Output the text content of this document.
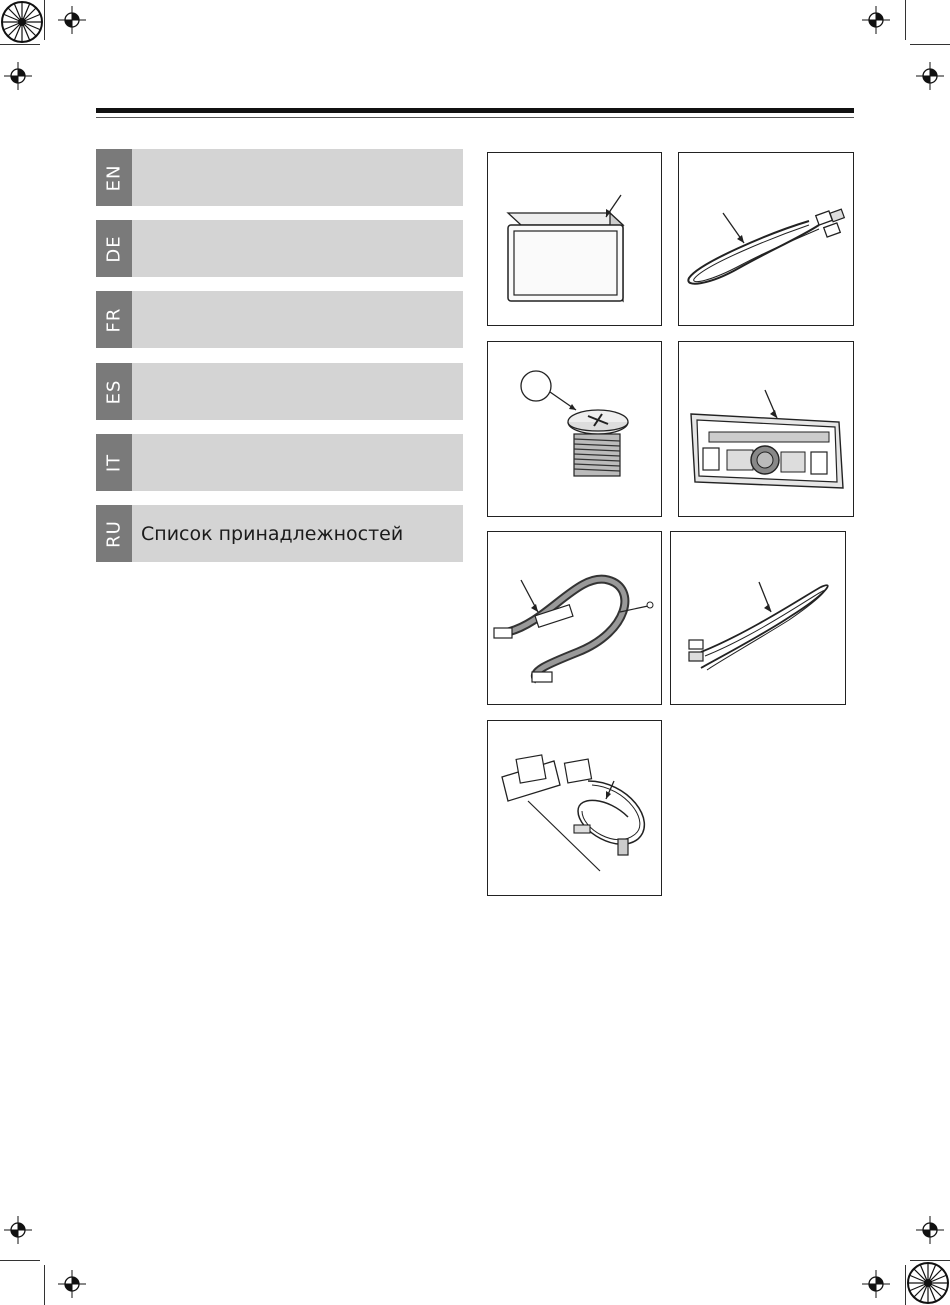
EN
DE
FR
ES
IT
RU Список принадлежностей
